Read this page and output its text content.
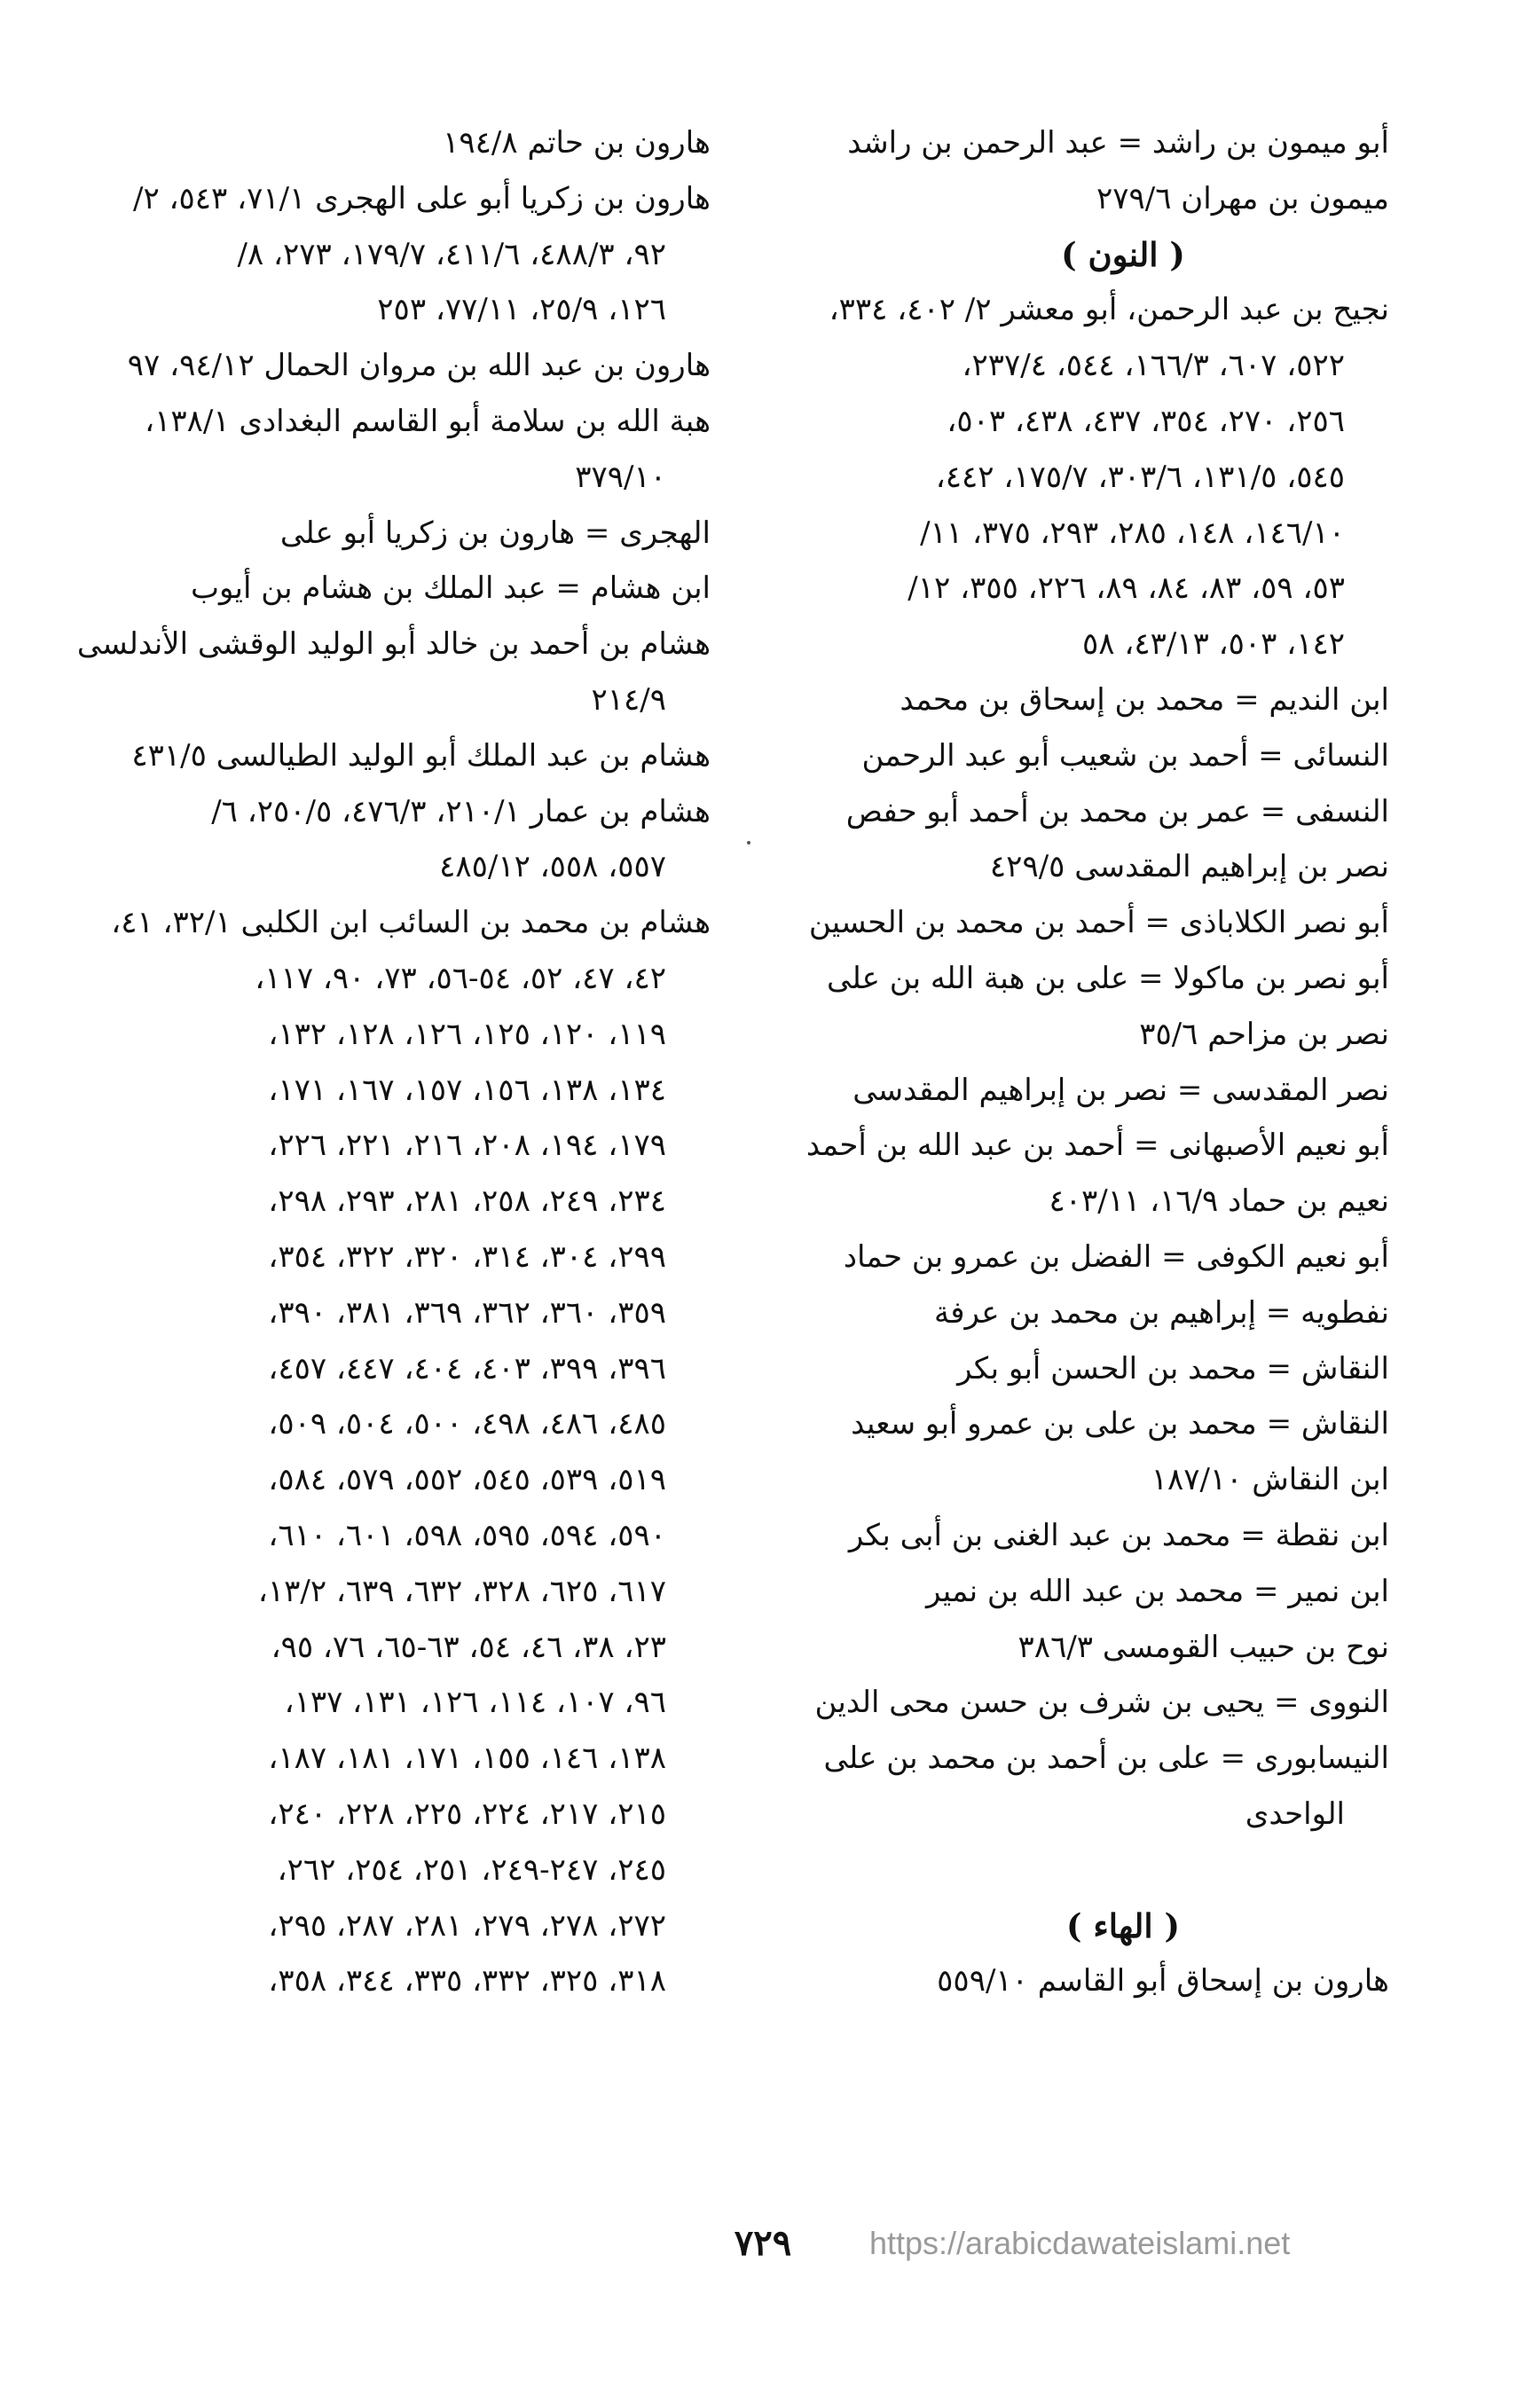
أبو ميمون بن راشد = عبد الرحمن بن راشد
ميمون بن مهران ٢٧٩/٦
( النون )
نجيح بن عبد الرحمن، أبو معشر ٢/ ٤٠٢، ٣٣٤،
٥٢٢، ٦٠٧، ١٦٦/٣، ٥٤٤، ٢٣٧/٤،
٢٥٦، ٢٧٠، ٣٥٤، ٤٣٧، ٤٣٨، ٥٠٣،
٥٤٥، ١٣١/٥، ٣٠٣/٦، ١٧٥/٧، ٤٤٢،
١٤٦/١٠، ١٤٨، ٢٨٥، ٢٩٣، ٣٧٥، ١١/
٥٣، ٥٩، ٨٣، ٨٤، ٨٩، ٢٢٦، ٣٥٥، ١٢/
١٤٢، ٥٠٣، ٤٣/١٣، ٥٨
ابن النديم = محمد بن إسحاق بن محمد
النسائى = أحمد بن شعيب أبو عبد الرحمن
النسفى = عمر بن محمد بن أحمد أبو حفص
نصر بن إبراهيم المقدسى ٤٢٩/٥
أبو نصر الكلاباذى = أحمد بن محمد بن الحسين
أبو نصر بن ماكولا = على بن هبة الله بن على
نصر بن مزاحم ٣٥/٦
نصر المقدسى = نصر بن إبراهيم المقدسى
أبو نعيم الأصبهانى = أحمد بن عبد الله بن أحمد
نعيم بن حماد ١٦/٩، ٤٠٣/١١
أبو نعيم الكوفى = الفضل بن عمرو بن حماد
نفطويه = إبراهيم بن محمد بن عرفة
النقاش = محمد بن الحسن أبو بكر
النقاش = محمد بن على بن عمرو أبو سعيد
ابن النقاش ١٨٧/١٠
ابن نقطة = محمد بن عبد الغنى بن أبى بكر
ابن نمير = محمد بن عبد الله بن نمير
نوح بن حبيب القومسى ٣٨٦/٣
النووى = يحيى بن شرف بن حسن محى الدين
النيسابورى = على بن أحمد بن محمد بن على
الواحدى
( الهاء )
هارون بن إسحاق أبو القاسم ٥٥٩/١٠
هارون بن حاتم ١٩٤/٨
هارون بن زكريا أبو على الهجرى ٧١/١، ٥٤٣، ٢/
٩٢، ٤٨٨/٣، ٤١١/٦، ١٧٩/٧، ٢٧٣، ٨/
١٢٦، ٢٥/٩، ٧٧/١١، ٢٥٣
هارون بن عبد الله بن مروان الحمال ٩٤/١٢، ٩٧
هبة الله بن سلامة أبو القاسم البغدادى ١٣٨/١،
٣٧٩/١٠
الهجرى = هارون بن زكريا أبو على
ابن هشام = عبد الملك بن هشام بن أيوب
هشام بن أحمد بن خالد أبو الوليد الوقشى الأندلسى
٢١٤/٩
هشام بن عبد الملك أبو الوليد الطيالسى ٤٣١/٥
هشام بن عمار ٢١٠/١، ٤٧٦/٣، ٢٥٠/٥، ٦/
٥٥٧، ٥٥٨، ٤٨٥/١٢
هشام بن محمد بن السائب ابن الكلبى ٣٢/١، ٤١،
٤٢، ٤٧، ٥٢، ٥٤-٥٦، ٧٣، ٩٠، ١١٧،
١١٩، ١٢٠، ١٢٥، ١٢٦، ١٢٨، ١٣٢،
١٣٤، ١٣٨، ١٥٦، ١٥٧، ١٦٧، ١٧١،
١٧٩، ١٩٤، ٢٠٨، ٢١٦، ٢٢١، ٢٢٦،
٢٣٤، ٢٤٩، ٢٥٨، ٢٨١، ٢٩٣، ٢٩٨،
٢٩٩، ٣٠٤، ٣١٤، ٣٢٠، ٣٢٢، ٣٥٤،
٣٥٩، ٣٦٠، ٣٦٢، ٣٦٩، ٣٨١، ٣٩٠،
٣٩٦، ٣٩٩، ٤٠٣، ٤٠٤، ٤٤٧، ٤٥٧،
٤٨٥، ٤٨٦، ٤٩٨، ٥٠٠، ٥٠٤، ٥٠٩،
٥١٩، ٥٣٩، ٥٤٥، ٥٥٢، ٥٧٩، ٥٨٤،
٥٩٠، ٥٩٤، ٥٩٥، ٥٩٨، ٦٠١، ٦١٠،
٦١٧، ٦٢٥، ٣٢٨، ٦٣٢، ٦٣٩، ١٣/٢،
٢٣، ٣٨، ٤٦، ٥٤، ٦٣-٦٥، ٧٦، ٩٥،
٩٦، ١٠٧، ١١٤، ١٢٦، ١٣١، ١٣٧،
١٣٨، ١٤٦، ١٥٥، ١٧١، ١٨١، ١٨٧،
٢١٥، ٢١٧، ٢٢٤، ٢٢٥، ٢٢٨، ٢٤٠،
٢٤٥، ٢٤٧-٢٤٩، ٢٥١، ٢٥٤، ٢٦٢،
٢٧٢، ٢٧٨، ٢٧٩، ٢٨١، ٢٨٧، ٢٩٥،
٣١٨، ٣٢٥، ٣٣٢، ٣٣٥، ٣٤٤، ٣٥٨،
٧٢٩	https://arabicdawateislami.net
